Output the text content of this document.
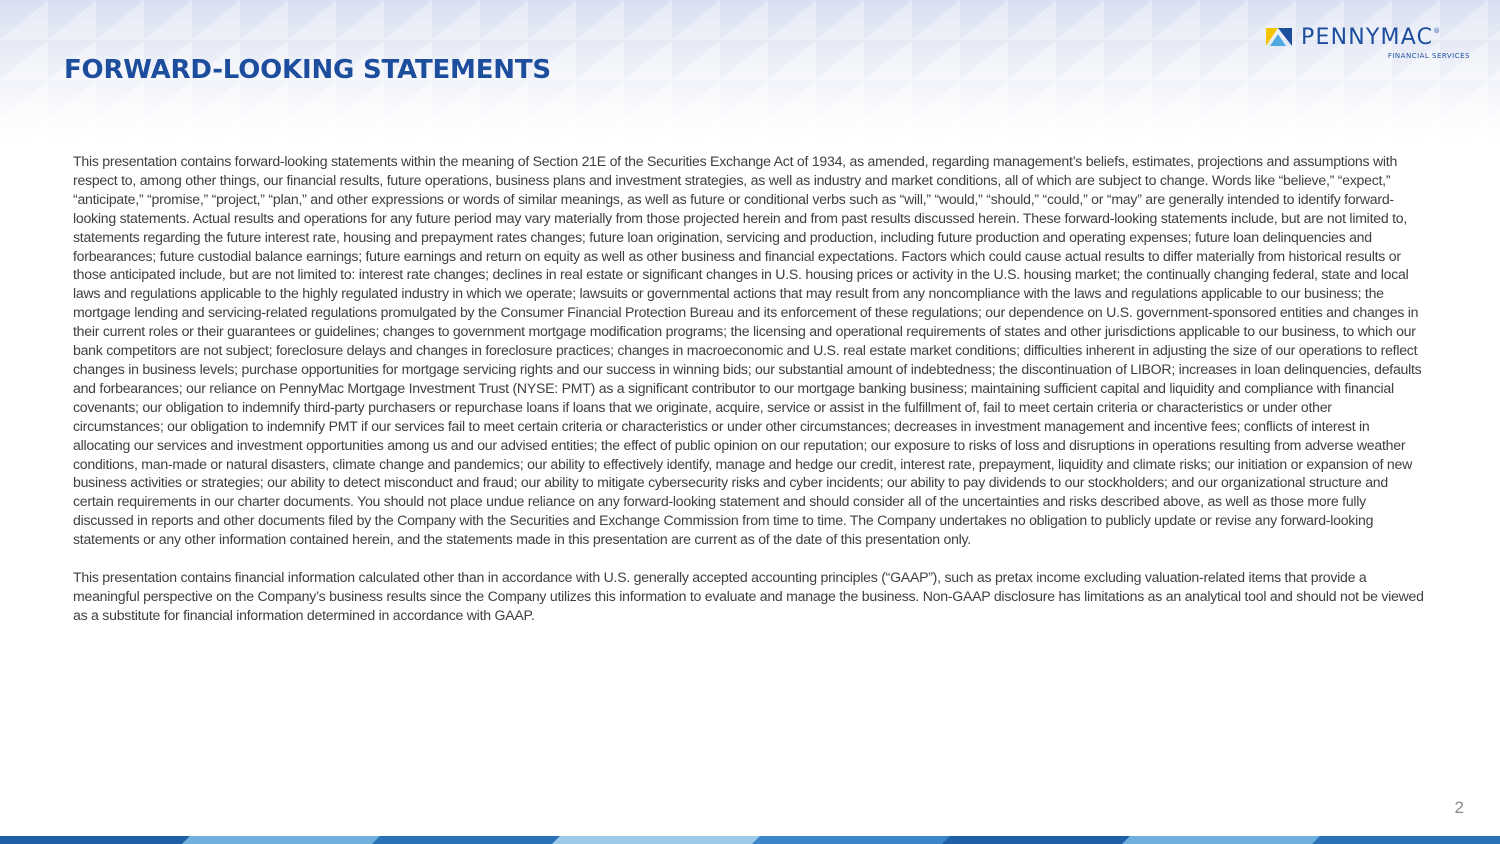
FORWARD-LOOKING STATEMENTS
PENNYMAC®
FINANCIAL SERVICES

This presentation contains forward-looking statements within the meaning of Section 21E of the Securities Exchange Act of 1934, as amended, regarding management’s beliefs, estimates, projections and assumptions with respect to, among other things, our financial results, future operations, business plans and investment strategies, as well as industry and market conditions, all of which are subject to change. Words like “believe,” “expect,” “anticipate,” “promise,” “project,” “plan,” and other expressions or words of similar meanings, as well as future or conditional verbs such as “will,” “would,” “should,” “could,” or “may” are generally intended to identify forward-looking statements. Actual results and operations for any future period may vary materially from those projected herein and from past results discussed herein. These forward-looking statements include, but are not limited to, statements regarding the future interest rate, housing and prepayment rates changes; future loan origination, servicing and production, including future production and operating expenses; future loan delinquencies and forbearances; future custodial balance earnings; future earnings and return on equity as well as other business and financial expectations. Factors which could cause actual results to differ materially from historical results or those anticipated include, but are not limited to: interest rate changes; declines in real estate or significant changes in U.S. housing prices or activity in the U.S. housing market; the continually changing federal, state and local laws and regulations applicable to the highly regulated industry in which we operate; lawsuits or governmental actions that may result from any noncompliance with the laws and regulations applicable to our business; the mortgage lending and servicing-related regulations promulgated by the Consumer Financial Protection Bureau and its enforcement of these regulations; our dependence on U.S. government-sponsored entities and changes in their current roles or their guarantees or guidelines; changes to government mortgage modification programs; the licensing and operational requirements of states and other jurisdictions applicable to our business, to which our bank competitors are not subject; foreclosure delays and changes in foreclosure practices; changes in macroeconomic and U.S. real estate market conditions; difficulties inherent in adjusting the size of our operations to reflect changes in business levels; purchase opportunities for mortgage servicing rights and our success in winning bids; our substantial amount of indebtedness; the discontinuation of LIBOR; increases in loan delinquencies, defaults and forbearances; our reliance on PennyMac Mortgage Investment Trust (NYSE: PMT) as a significant contributor to our mortgage banking business; maintaining sufficient capital and liquidity and compliance with financial covenants; our obligation to indemnify third-party purchasers or repurchase loans if loans that we originate, acquire, service or assist in the fulfillment of, fail to meet certain criteria or characteristics or under other circumstances; our obligation to indemnify PMT if our services fail to meet certain criteria or characteristics or under other circumstances; decreases in investment management and incentive fees; conflicts of interest in allocating our services and investment opportunities among us and our advised entities; the effect of public opinion on our reputation; our exposure to risks of loss and disruptions in operations resulting from adverse weather conditions, man-made or natural disasters, climate change and pandemics; our ability to effectively identify, manage and hedge our credit, interest rate, prepayment, liquidity and climate risks; our initiation or expansion of new business activities or strategies; our ability to detect misconduct and fraud; our ability to mitigate cybersecurity risks and cyber incidents; our ability to pay dividends to our stockholders; and our organizational structure and certain requirements in our charter documents. You should not place undue reliance on any forward-looking statement and should consider all of the uncertainties and risks described above, as well as those more fully discussed in reports and other documents filed by the Company with the Securities and Exchange Commission from time to time. The Company undertakes no obligation to publicly update or revise any forward-looking statements or any other information contained herein, and the statements made in this presentation are current as of the date of this presentation only.

This presentation contains financial information calculated other than in accordance with U.S. generally accepted accounting principles (“GAAP”), such as pretax income excluding valuation-related items that provide a meaningful perspective on the Company’s business results since the Company utilizes this information to evaluate and manage the business. Non-GAAP disclosure has limitations as an analytical tool and should not be viewed as a substitute for financial information determined in accordance with GAAP.

2
